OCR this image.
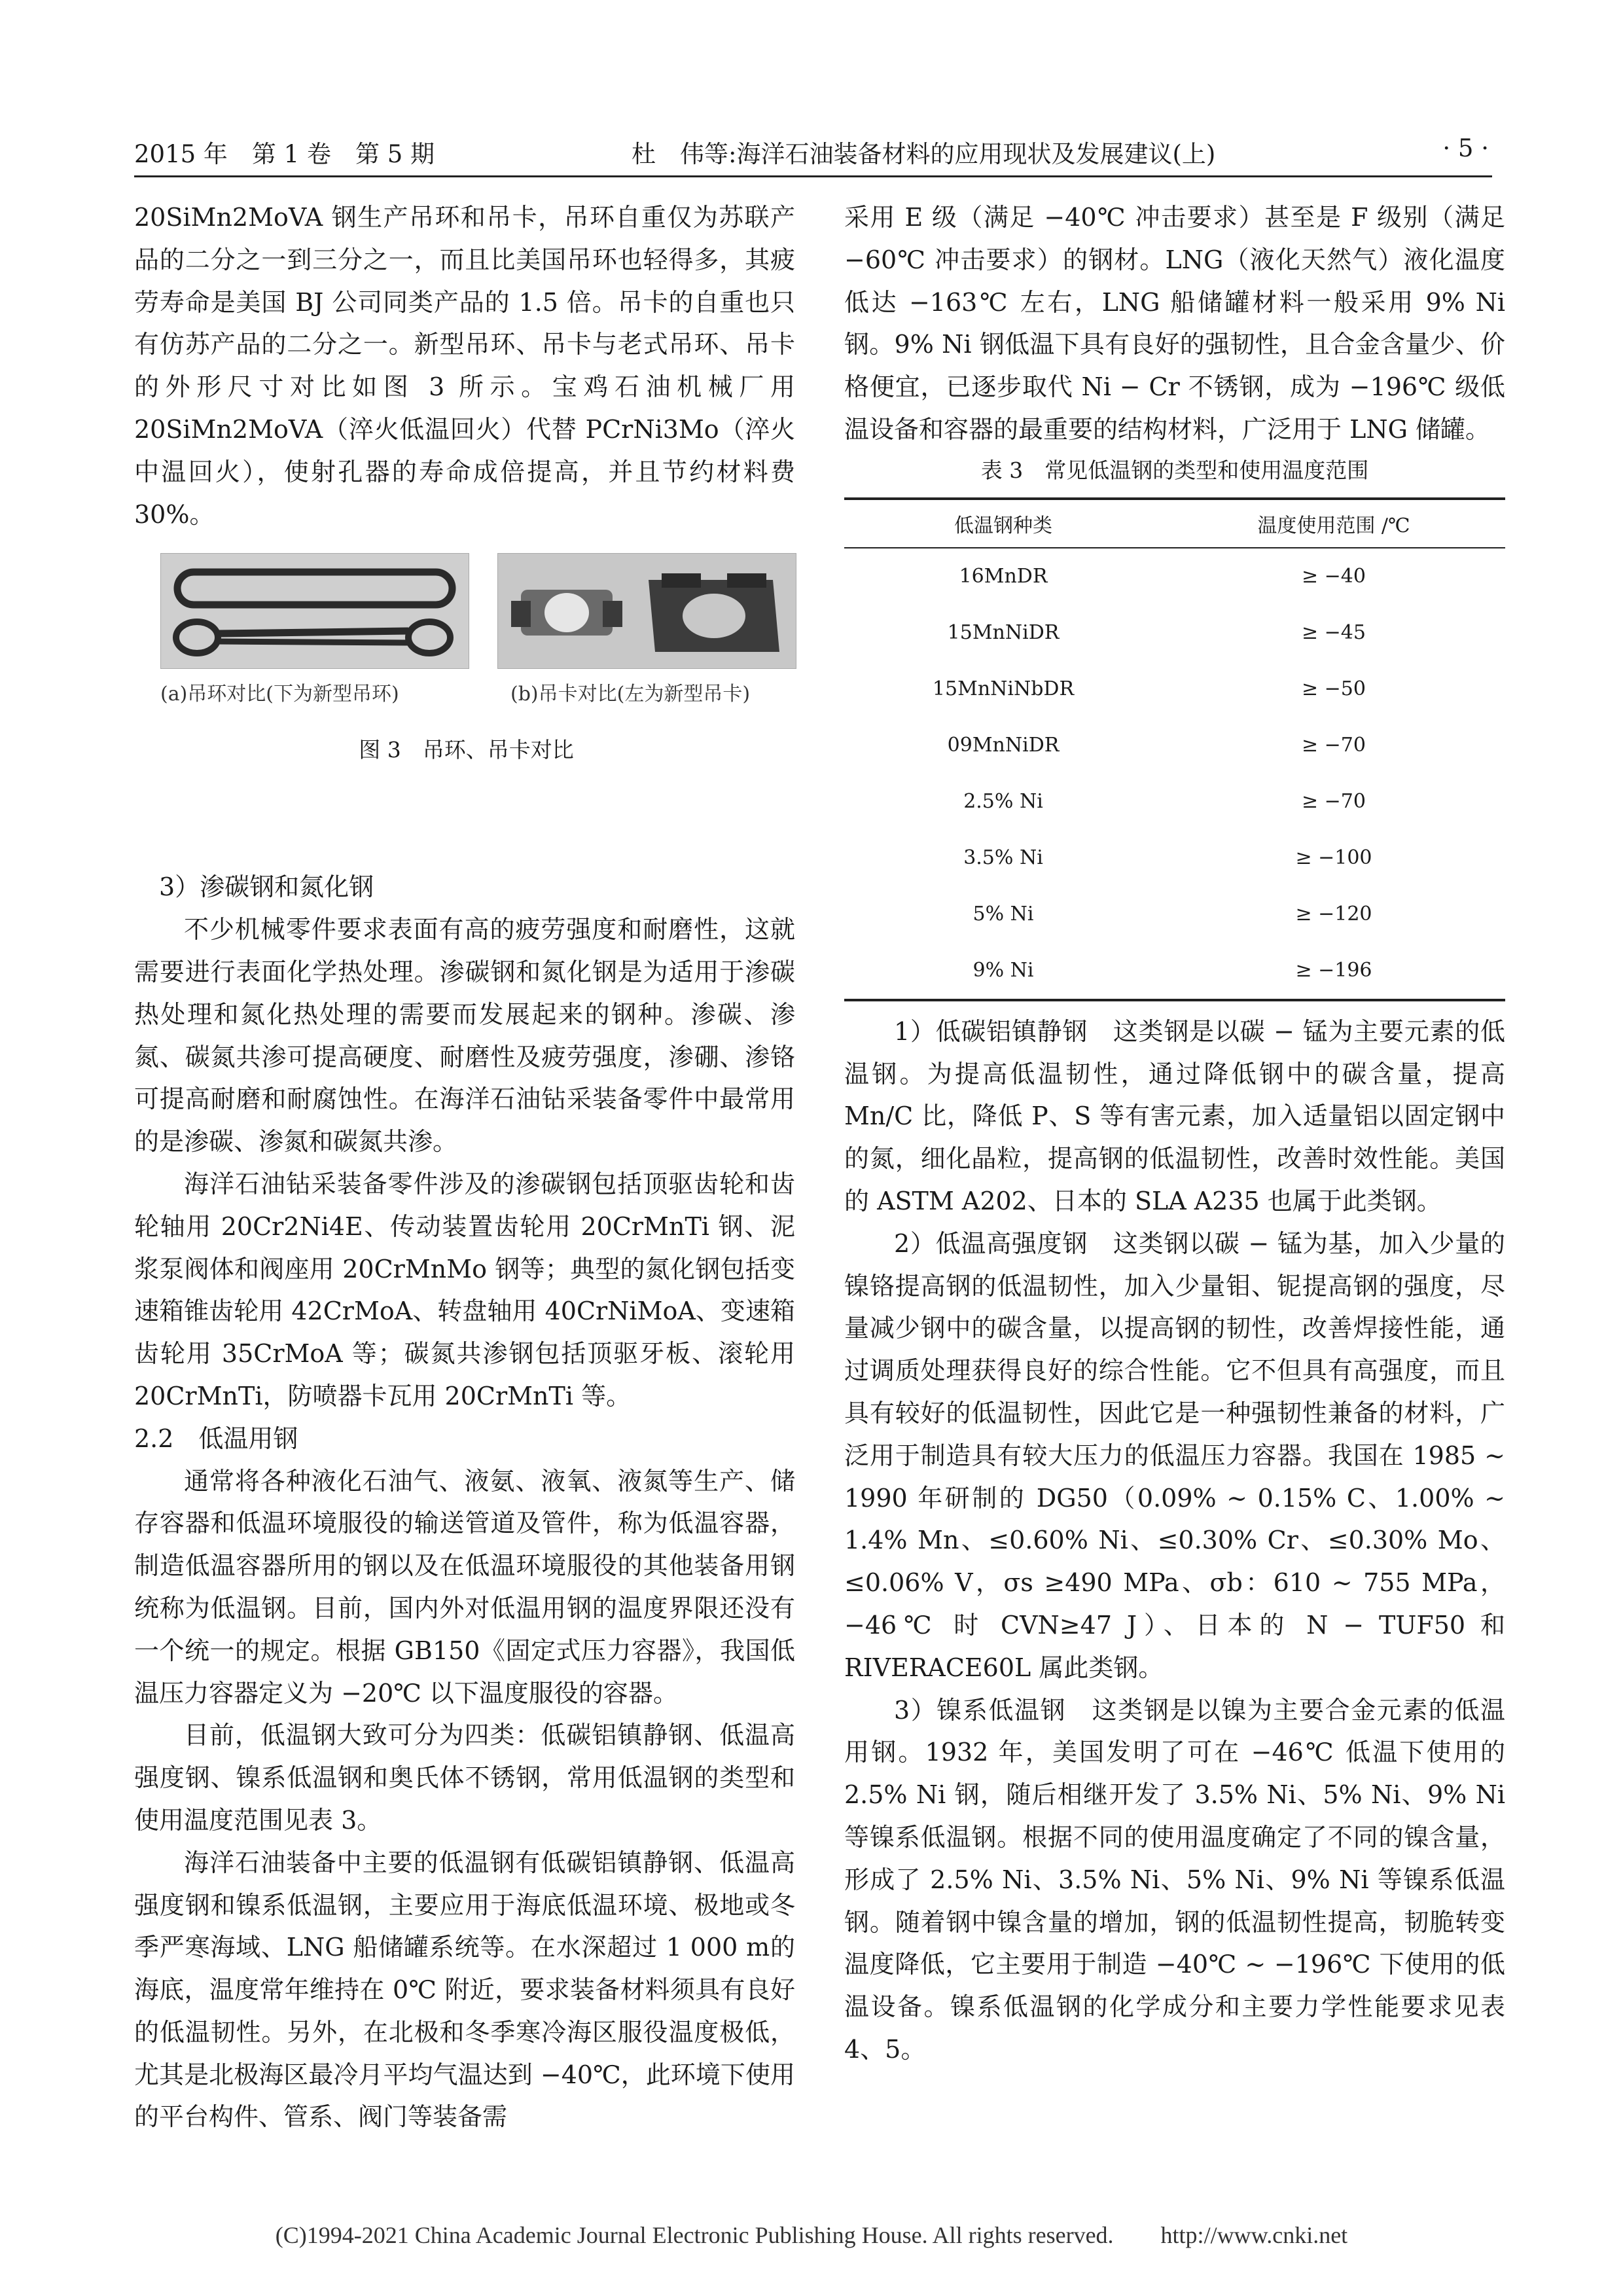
2015 年　第 1 卷　第 5 期	杜　伟等:海洋石油装备材料的应用现状及发展建议(上)	· 5 ·

20SiMn2MoVA 钢生产吊环和吊卡，吊环自重仅为苏联产品的二分之一到三分之一，而且比美国吊环也轻得多，其疲劳寿命是美国 BJ 公司同类产品的 1.5 倍。吊卡的自重也只有仿苏产品的二分之一。新型吊环、吊卡与老式吊环、吊卡的外形尺寸对比如图 3 所示。宝鸡石油机械厂用 20SiMn2MoVA（淬火低温回火）代替 PCrNi3Mo（淬火中温回火），使射孔器的寿命成倍提高，并且节约材料费 30%。

3）渗碳钢和氮化钢

不少机械零件要求表面有高的疲劳强度和耐磨性，这就需要进行表面化学热处理。渗碳钢和氮化钢是为适用于渗碳热处理和氮化热处理的需要而发展起来的钢种。渗碳、渗氮、碳氮共渗可提高硬度、耐磨性及疲劳强度，渗硼、渗铬可提高耐磨和耐腐蚀性。在海洋石油钻采装备零件中最常用的是渗碳、渗氮和碳氮共渗。

海洋石油钻采装备零件涉及的渗碳钢包括顶驱齿轮和齿轮轴用 20Cr2Ni4E、传动装置齿轮用 20CrMnTi 钢、泥浆泵阀体和阀座用 20CrMnMo 钢等；典型的氮化钢包括变速箱锥齿轮用 42CrMoA、转盘轴用 40CrNiMoA、变速箱齿轮用 35CrMoA 等；碳氮共渗钢包括顶驱牙板、滚轮用 20CrMnTi，防喷器卡瓦用 20CrMnTi 等。

2.2　低温用钢

通常将各种液化石油气、液氨、液氧、液氮等生产、储存容器和低温环境服役的输送管道及管件，称为低温容器，制造低温容器所用的钢以及在低温环境服役的其他装备用钢统称为低温钢。目前，国内外对低温用钢的温度界限还没有一个统一的规定。根据 GB150《固定式压力容器》，我国低温压力容器定义为 −20℃ 以下温度服役的容器。

目前，低温钢大致可分为四类：低碳铝镇静钢、低温高强度钢、镍系低温钢和奥氏体不锈钢，常用低温钢的类型和使用温度范围见表 3。

海洋石油装备中主要的低温钢有低碳铝镇静钢、低温高强度钢和镍系低温钢，主要应用于海底低温环境、极地或冬季严寒海域、LNG 船储罐系统等。在水深超过 1 000 m的海底，温度常年维持在 0℃ 附近，要求装备材料须具有良好的低温韧性。另外，在北极和冬季寒冷海区服役温度极低，尤其是北极海区最冷月平均气温达到 −40℃，此环境下使用的平台构件、管系、阀门等装备需

(a)吊环对比(下为新型吊环)	(b)吊卡对比(左为新型吊卡)
图 3　吊环、吊卡对比

采用 E 级（满足 −40℃ 冲击要求）甚至是 F 级别（满足 −60℃ 冲击要求）的钢材。LNG（液化天然气）液化温度低达 −163℃ 左右，LNG 船储罐材料一般采用 9% Ni 钢。9% Ni 钢低温下具有良好的强韧性，且合金含量少、价格便宜，已逐步取代 Ni − Cr 不锈钢，成为 −196℃ 级低温设备和容器的最重要的结构材料，广泛用于 LNG 储罐。

表 3　常见低温钢的类型和使用温度范围
低温钢种类	温度使用范围 /℃
16MnDR	≥ −40
15MnNiDR	≥ −45
15MnNiNbDR	≥ −50
09MnNiDR	≥ −70
2.5% Ni	≥ −70
3.5% Ni	≥ −100
5% Ni	≥ −120
9% Ni	≥ −196

1）低碳铝镇静钢　这类钢是以碳 − 锰为主要元素的低温钢。为提高低温韧性，通过降低钢中的碳含量，提高 Mn/C 比，降低 P、S 等有害元素，加入适量铝以固定钢中的氮，细化晶粒，提高钢的低温韧性，改善时效性能。美国的 ASTM A202、日本的 SLA A235 也属于此类钢。

2）低温高强度钢　这类钢以碳 − 锰为基，加入少量的镍铬提高钢的低温韧性，加入少量钼、铌提高钢的强度，尽量减少钢中的碳含量，以提高钢的韧性，改善焊接性能，通过调质处理获得良好的综合性能。它不但具有高强度，而且具有较好的低温韧性，因此它是一种强韧性兼备的材料，广泛用于制造具有较大压力的低温压力容器。我国在 1985 ~ 1990 年研制的 DG50（0.09% ~ 0.15% C、1.00% ~ 1.4% Mn、≤0.60% Ni、≤0.30% Cr、≤0.30% Mo、≤0.06% V，σs ≥490 MPa、σb：610 ~ 755 MPa，−46℃ 时 CVN≥47 J）、日本的 N − TUF50 和 RIVERACE60L 属此类钢。

3）镍系低温钢　这类钢是以镍为主要合金元素的低温用钢。1932 年，美国发明了可在 −46℃ 低温下使用的 2.5% Ni 钢，随后相继开发了 3.5% Ni、5% Ni、9% Ni 等镍系低温钢。根据不同的使用温度确定了不同的镍含量，形成了 2.5% Ni、3.5% Ni、5% Ni、9% Ni 等镍系低温钢。随着钢中镍含量的增加，钢的低温韧性提高，韧脆转变温度降低，它主要用于制造 −40℃ ~ −196℃ 下使用的低温设备。镍系低温钢的化学成分和主要力学性能要求见表 4、5。

(C)1994-2021 China Academic Journal Electronic Publishing House. All rights reserved.　　http://www.cnki.net
